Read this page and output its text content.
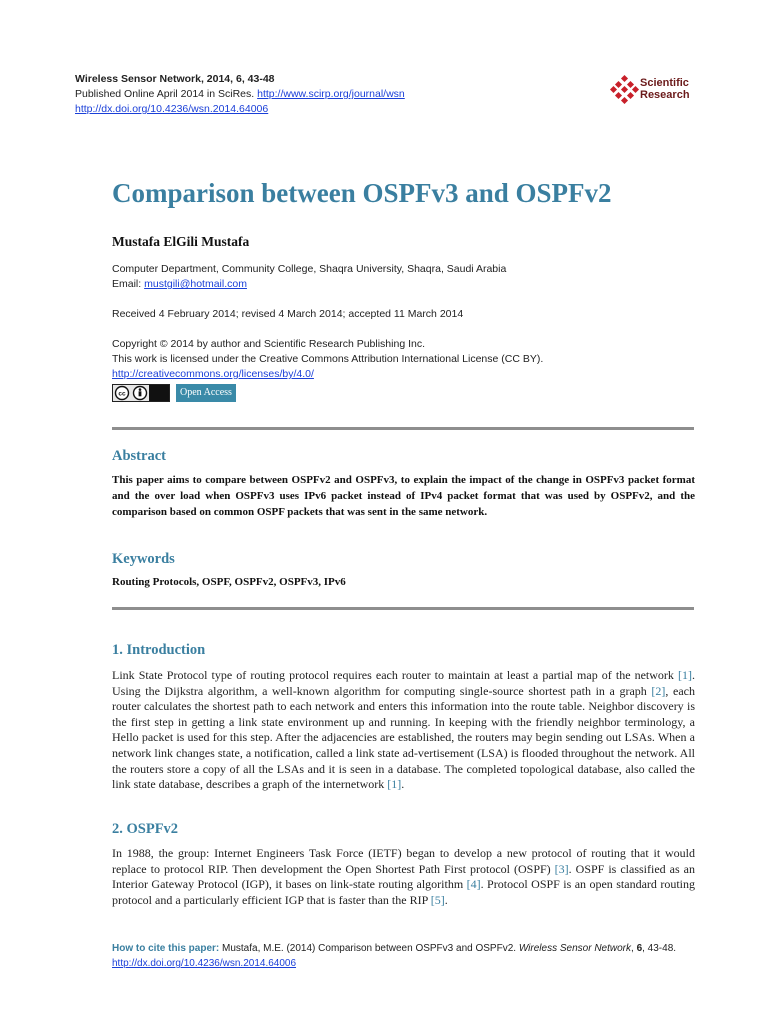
Wireless Sensor Network, 2014, 6, 43-48
Published Online April 2014 in SciRes. http://www.scirp.org/journal/wsn
http://dx.doi.org/10.4236/wsn.2014.64006
Scientific
Research
Comparison between OSPFv3 and OSPFv2
Mustafa ElGili Mustafa
Computer Department, Community College, Shaqra University, Shaqra, Saudi Arabia
Email: mustgili@hotmail.com
Received 4 February 2014; revised 4 March 2014; accepted 11 March 2014
Copyright © 2014 by author and Scientific Research Publishing Inc.
This work is licensed under the Creative Commons Attribution International License (CC BY).
http://creativecommons.org/licenses/by/4.0/
cc	Open Access
Abstract
This paper aims to compare between OSPFv2 and OSPFv3, to explain the impact of the change in OSPFv3 packet format and the over load when OSPFv3 uses IPv6 packet instead of IPv4 packet format that was used by OSPFv2, and the comparison based on common OSPF packets that was sent in the same network.
Keywords
Routing Protocols, OSPF, OSPFv2, OSPFv3, IPv6
1. Introduction
Link State Protocol type of routing protocol requires each router to maintain at least a partial map of the network [1]. Using the Dijkstra algorithm, a well-known algorithm for computing single-source shortest path in a graph [2], each router calculates the shortest path to each network and enters this information into the route table. Neighbor discovery is the first step in getting a link state environment up and running. In keeping with the friendly neighbor terminology, a Hello packet is used for this step. After the adjacencies are established, the routers may begin sending out LSAs. When a network link changes state, a notification, called a link state ad-vertisement (LSA) is flooded throughout the network. All the routers store a copy of all the LSAs and it is seen in a database. The completed topological database, also called the link state database, describes a graph of the internetwork [1].
2. OSPFv2
In 1988, the group: Internet Engineers Task Force (IETF) began to develop a new protocol of routing that it would replace to protocol RIP. Then development the Open Shortest Path First protocol (OSPF) [3]. OSPF is classified as an Interior Gateway Protocol (IGP), it bases on link-state routing algorithm [4]. Protocol OSPF is an open standard routing protocol and a particularly efficient IGP that is faster than the RIP [5].
How to cite this paper: Mustafa, M.E. (2014) Comparison between OSPFv3 and OSPFv2. Wireless Sensor Network, 6, 43-48.
http://dx.doi.org/10.4236/wsn.2014.64006
